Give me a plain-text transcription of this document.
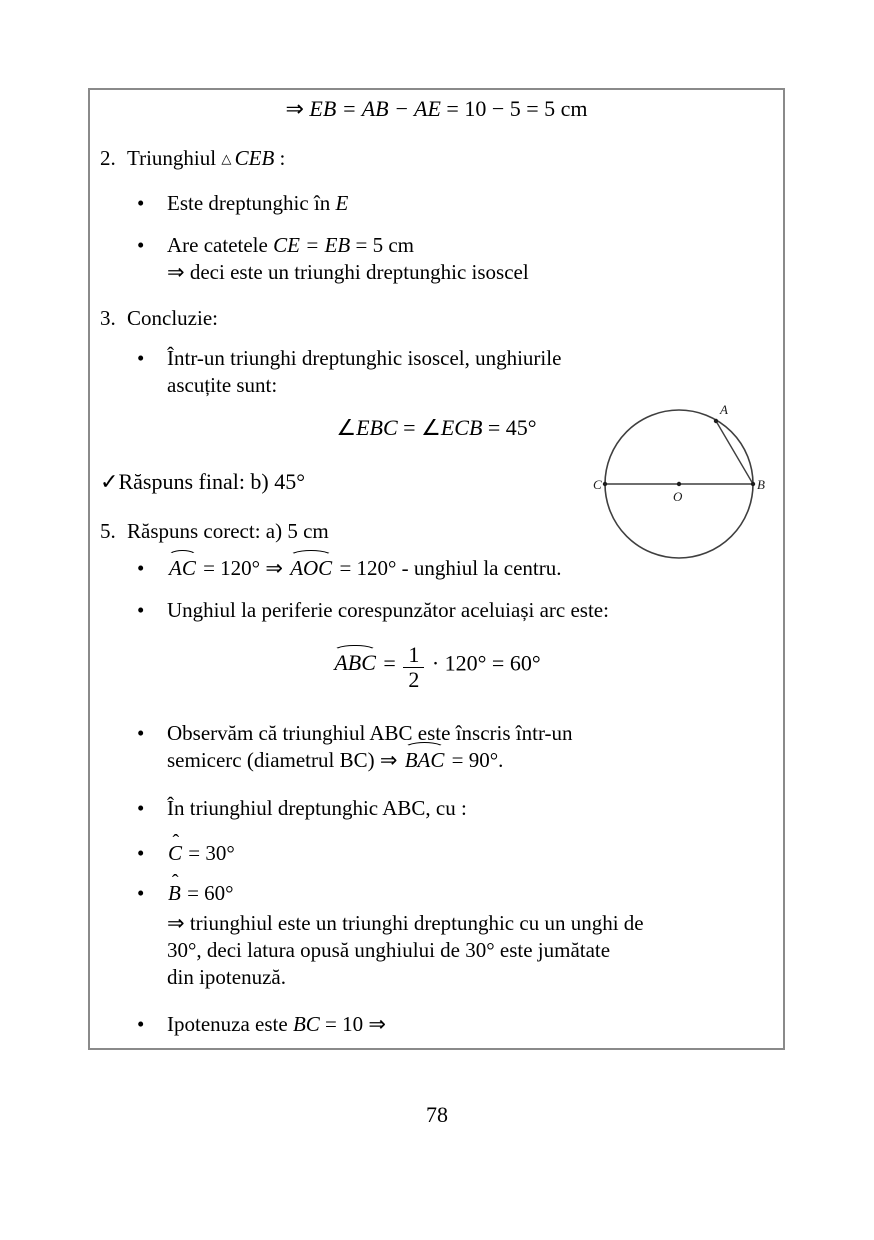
⇒ EB = AB − AE = 10 − 5 = 5 cm
2. Triunghiul △ CEB :
•	Este dreptunghic în E
•	Are catetele CE = EB = 5 cm
⇒ deci este un triunghi dreptunghic isoscel
3. Concluzie:
•	Într-un triunghi dreptunghic isoscel, unghiurile
ascuțite sunt:
∠EBC = ∠ECB = 45°
✓Răspuns final: b) 45°
5. Răspuns corect: a) 5 cm
•	AC = 120° ⇒ AOC = 120° - unghiul la centru.
•	Unghiul la periferie corespunzător aceluiași arc este:
ABC = $\frac{1}{2} \cdot 120^\circ = 60^\circ$
•	Observăm că triunghiul ABC este înscris într-un
semicerc (diametrul BC) ⇒ BAC = 90°.
•	În triunghiul dreptunghic ABC, cu :
•	ˆ C = 30°
•	ˆ B = 60°
⇒ triunghiul este un triunghi dreptunghic cu un unghi de
30°, deci latura opusă unghiului de 30° este jumătate
din ipotenuză.
•	Ipotenuza este BC = 10 ⇒
A
B
C
O
78
